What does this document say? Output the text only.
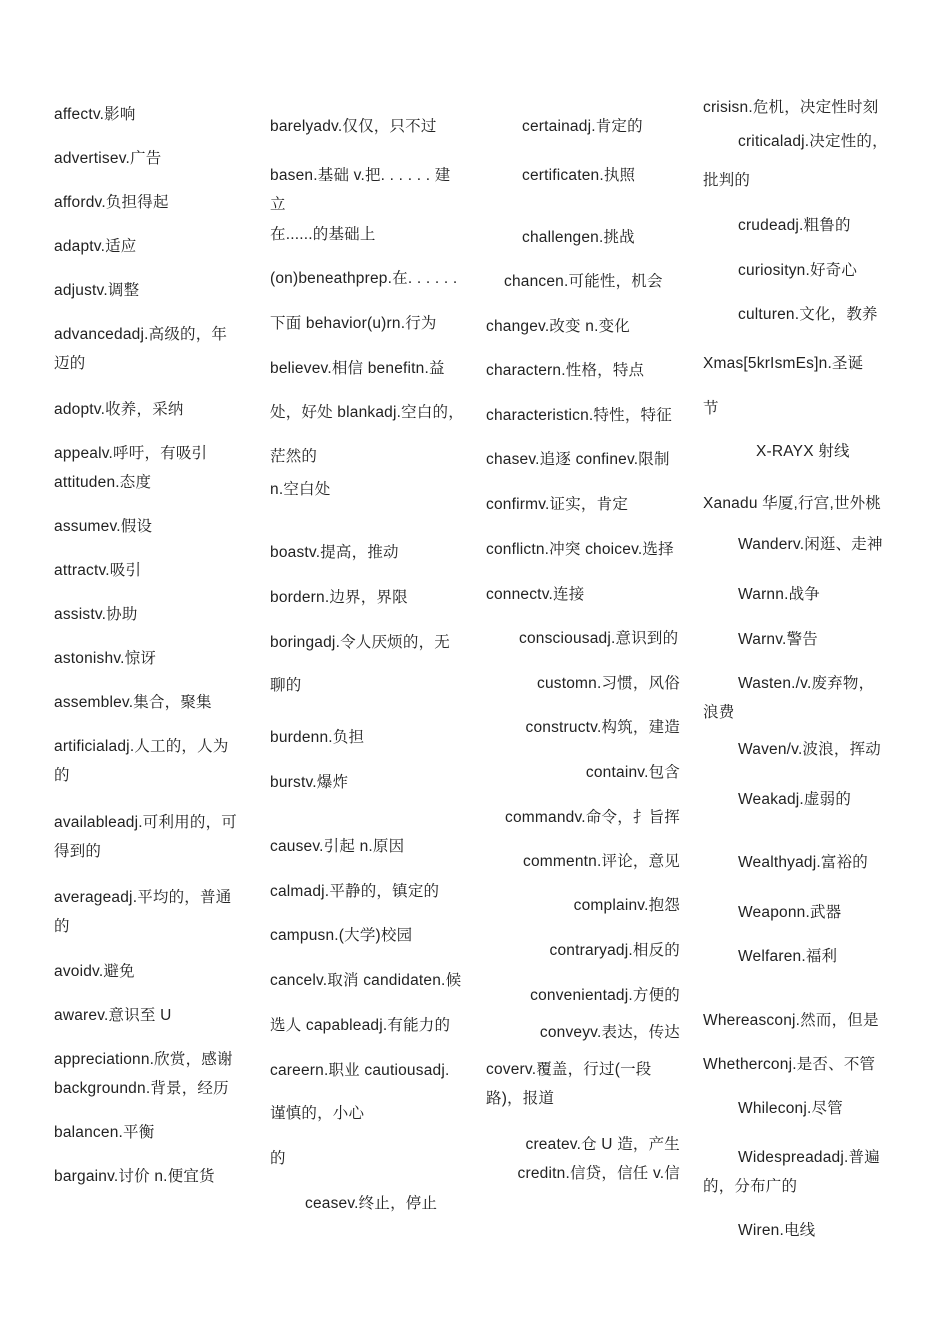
affectv.影响
advertisev.广告
affordv.负担得起
adaptv.适应
adjustv.调整
advancedadj.高级的，年
迈的
adoptv.收养，采纳
appealv.呼吁，有吸引
attituden.态度
assumev.假设
attractv.吸引
assistv.协助
astonishv.惊讶
assemblev.集合，聚集
artificialadj.人工的，人为
的
availableadj.可利用的，可
得到的
averageadj.平均的，普通
的
avoidv.避免
awarev.意识至 U
appreciationn.欣赏，感谢
backgroundn.背景，经历
balancen.平衡
bargainv.讨价 n.便宜货
barelyadv.仅仅，只不过
basen.基础 v.把. . . . . . 建
立
在......的基础上
(on)beneathprep.在. . . . . .
下面 behavior(u)rn.行为
believev.相信 benefitn.益
处，好处 blankadj.空白的，
茫然的
n.空白处
boastv.提高，推动
bordern.边界，界限
boringadj.令人厌烦的，无
聊的
burdenn.负担
burstv.爆炸
causev.引起 n.原因
calmadj.平静的，镇定的
campusn.(大学)校园
cancelv.取消 candidaten.候
选人 capableadj.有能力的
careern.职业 cautiousadj.
谨慎的，小心
的
ceasev.终止，停止
certainadj.肯定的
certificaten.执照
challengen.挑战
chancen.可能性，机会
changev.改变 n.变化
charactern.性格，特点
characteristicn.特性，特征
chasev.追逐 confinev.限制
confirmv.证实，肯定
conflictn.冲突 choicev.选择
connectv.连接
consciousadj.意识到的
customn.习惯，风俗
constructv.构筑，建造
containv.包含
commandv.命令，扌旨挥
commentn.评论，意见
complainv.抱怨
contraryadj.相反的
convenientadj.方便的
conveyv.表达，传达
coverv.覆盖，行过(一段
路)，报道
createv.仓 U 造，产生
creditn.信贷，信任 v.信
crisisn.危机，决定性时刻
criticaladj.决定性的，
批判的
crudeadj.粗鲁的
curiosityn.好奇心
culturen.文化，教养
Xmas[5krIsmEs]n.圣诞
节
X-RAYX 射线
Xanadu 华厦,行宫,世外桃
Wanderv.闲逛、走神
Warnn.战争
Warnv.警告
Wasten./v.废弃物，
浪费
Waven/v.波浪，挥动
Weakadj.虚弱的
Wealthyadj.富裕的
Weaponn.武器
Welfaren.福利
Whereasconj.然而，但是
Whetherconj.是否、不管
Whileconj.尽管
Widespreadadj.普遍
的，分布广的
Wiren.电线
